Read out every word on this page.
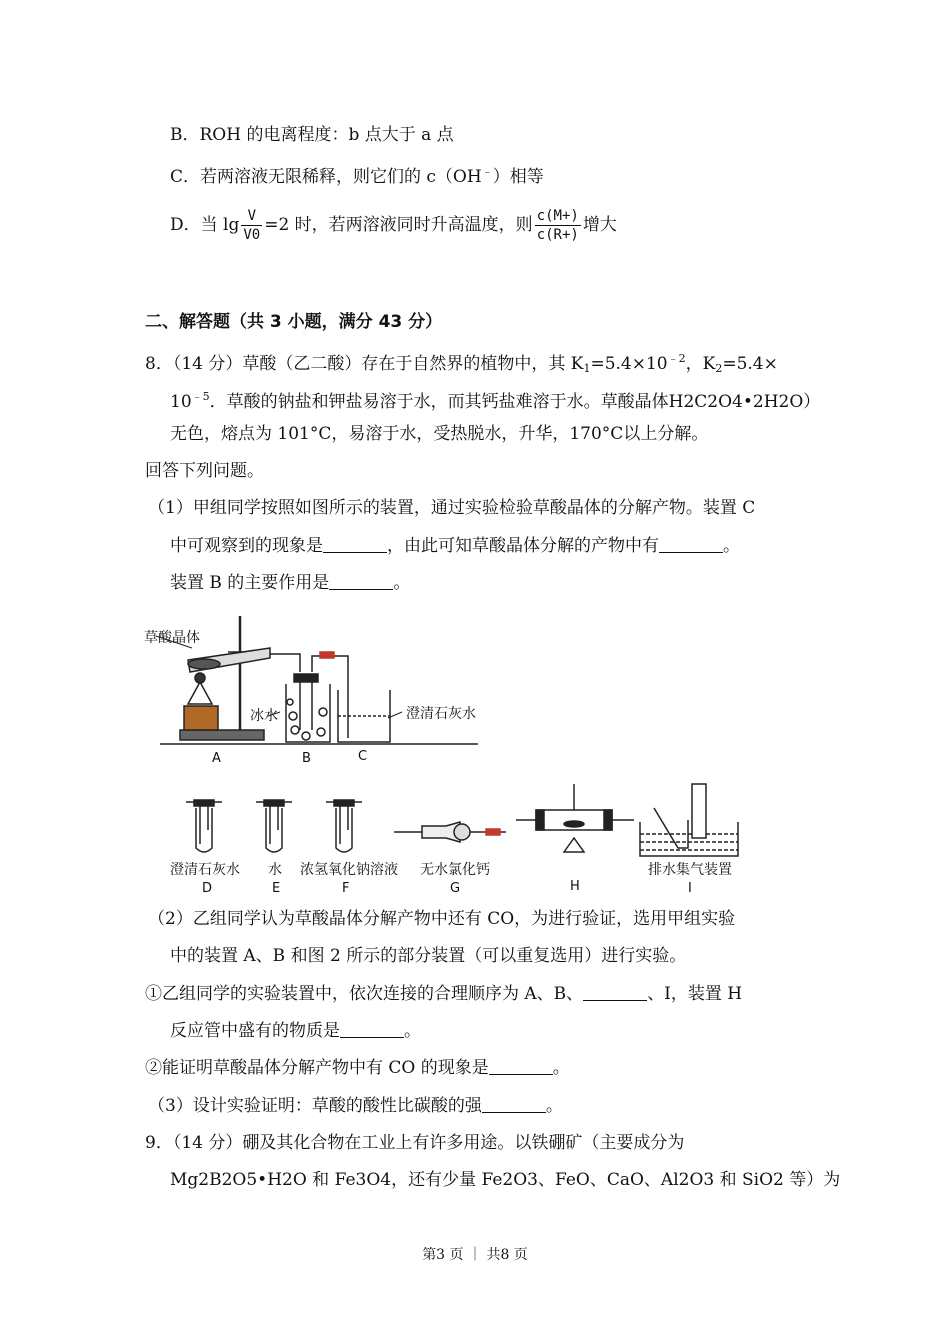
B．ROH 的电离程度：b 点大于 a 点
C．若两溶液无限稀释，则它们的 c（OH﹣）相等
D．当 $\lg \frac{V}{V0} =2$ 时，若两溶液同时升高温度，则 $\frac{c(M+)}{c(R+)}$ 增大
二、解答题（共 3 小题，满分 43 分）
8．（14 分）草酸（乙二酸）存在于自然界的植物中，其 $K_1=5.4\times 10^{﹣2}$，$K_2=5.4\times$
$10^{﹣5}$．草酸的钠盐和钾盐易溶于水，而其钙盐难溶于水。草酸晶体H2C2O4•2H2O）
无色，熔点为 101°C，易溶于水，受热脱水，升华，170°C以上分解。
回答下列问题。
（1）甲组同学按照如图所示的装置，通过实验检验草酸晶体的分解产物。装置 C
中可观察到的现象是	，由此可知草酸晶体分解的产物中有	。
装置 B 的主要作用是	。
草酸晶体
冰水	澄清石灰水
A	B	C
澄清石灰水 水 浓氢氧化钠溶液 无水氯化钙	排水集气装置
D	E	F	G	H	I
（2）乙组同学认为草酸晶体分解产物中还有 CO，为进行验证，选用甲组实验
中的装置 A、B 和图 2 所示的部分装置（可以重复选用）进行实验。
①乙组同学的实验装置中，依次连接的合理顺序为 A、B、	、I，装置 H
反应管中盛有的物质是	。
②能证明草酸晶体分解产物中有 CO 的现象是	。
（3）设计实验证明：草酸的酸性比碳酸的强	。
9．（14 分）硼及其化合物在工业上有许多用途。以铁硼矿（主要成分为
Mg2B2O5•H2O 和 Fe3O4，还有少量 Fe2O3、FeO、CaO、Al2O3 和 SiO2 等）为
第3 页 ｜ 共8 页
